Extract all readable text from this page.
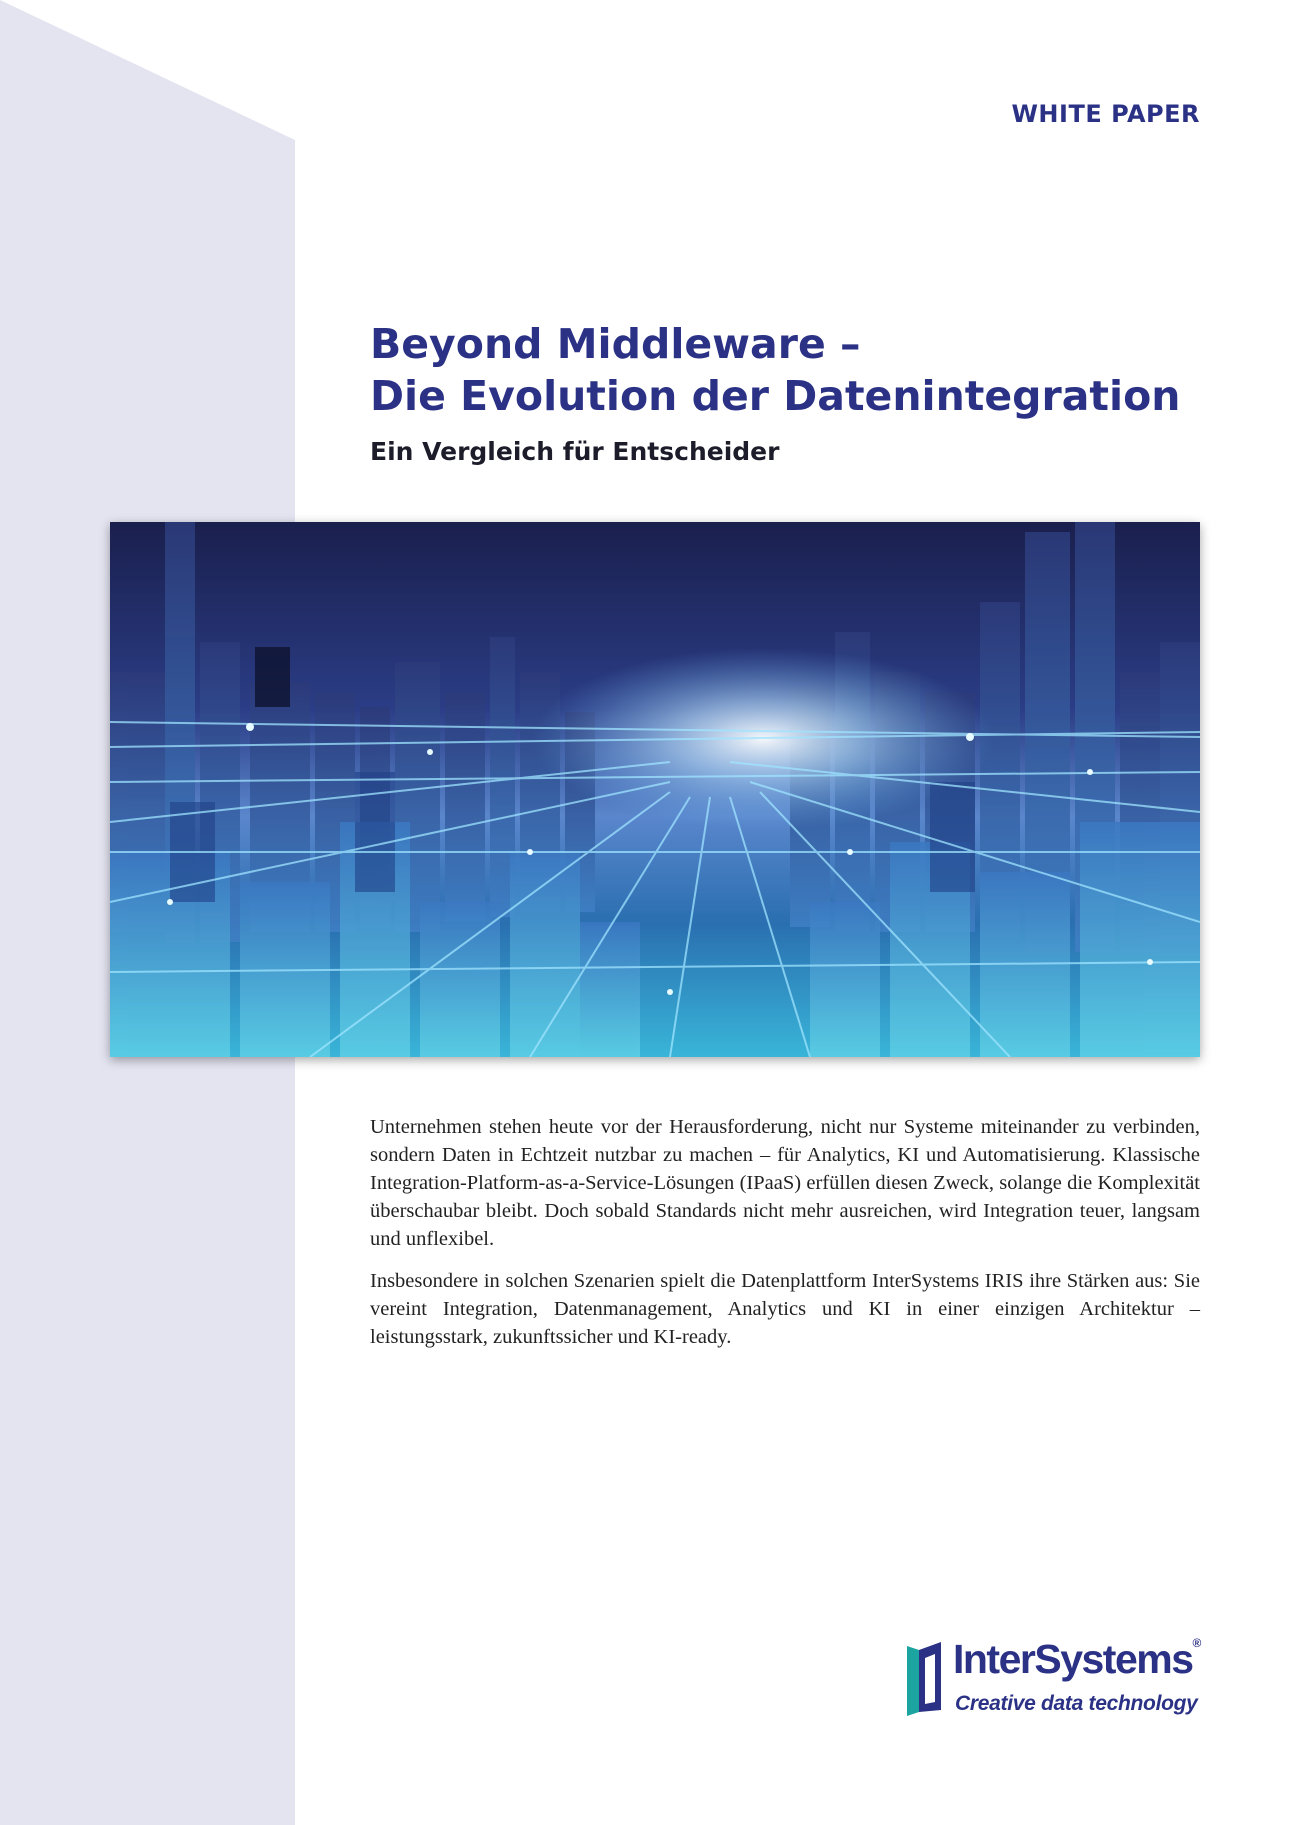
WHITE PAPER
Beyond Middleware –
Die Evolution der Datenintegration
Ein Vergleich für Entscheider

Unternehmen stehen heute vor der Herausforderung, nicht nur Systeme miteinander zu verbinden, sondern Daten in Echtzeit nutzbar zu machen – für Analytics, KI und Automatisierung. Klassische Integration-Platform-as-a-Service-Lösungen (IPaaS) erfüllen diesen Zweck, solange die Komplexität überschaubar bleibt. Doch sobald Standards nicht mehr ausreichen, wird Integration teuer, langsam und unflexibel.

Insbesondere in solchen Szenarien spielt die Datenplattform InterSystems IRIS ihre Stärken aus: Sie vereint Integration, Datenmanagement, Analytics und KI in einer einzigen Architektur – leistungsstark, zukunftssicher und KI-ready.

InterSystems®
Creative data technology
